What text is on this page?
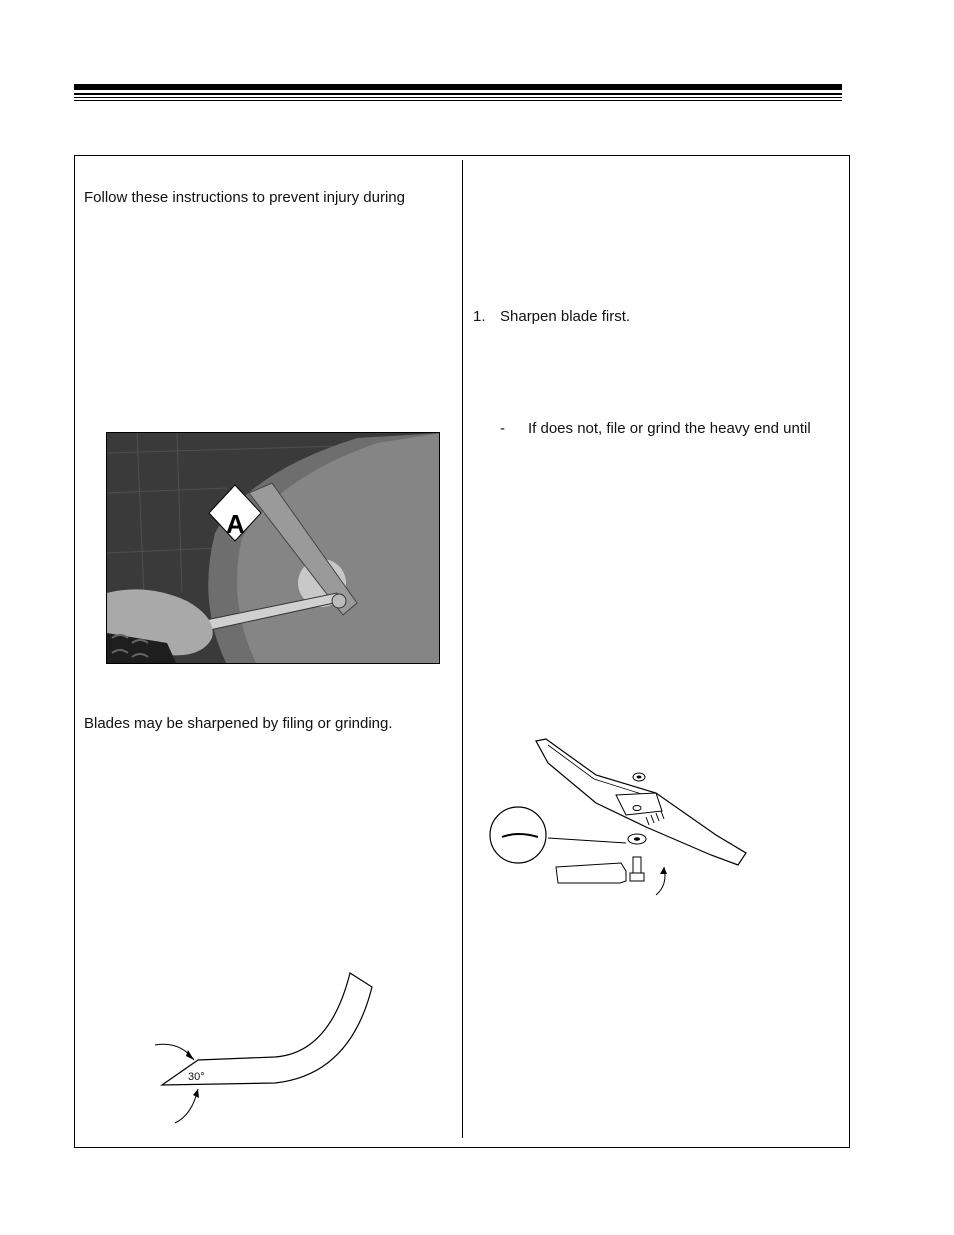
Follow these instructions to prevent injury during
A
Blades may be sharpened by filing or grinding.
30°
1. Sharpen blade first.
- If does not, file or grind the heavy end until
